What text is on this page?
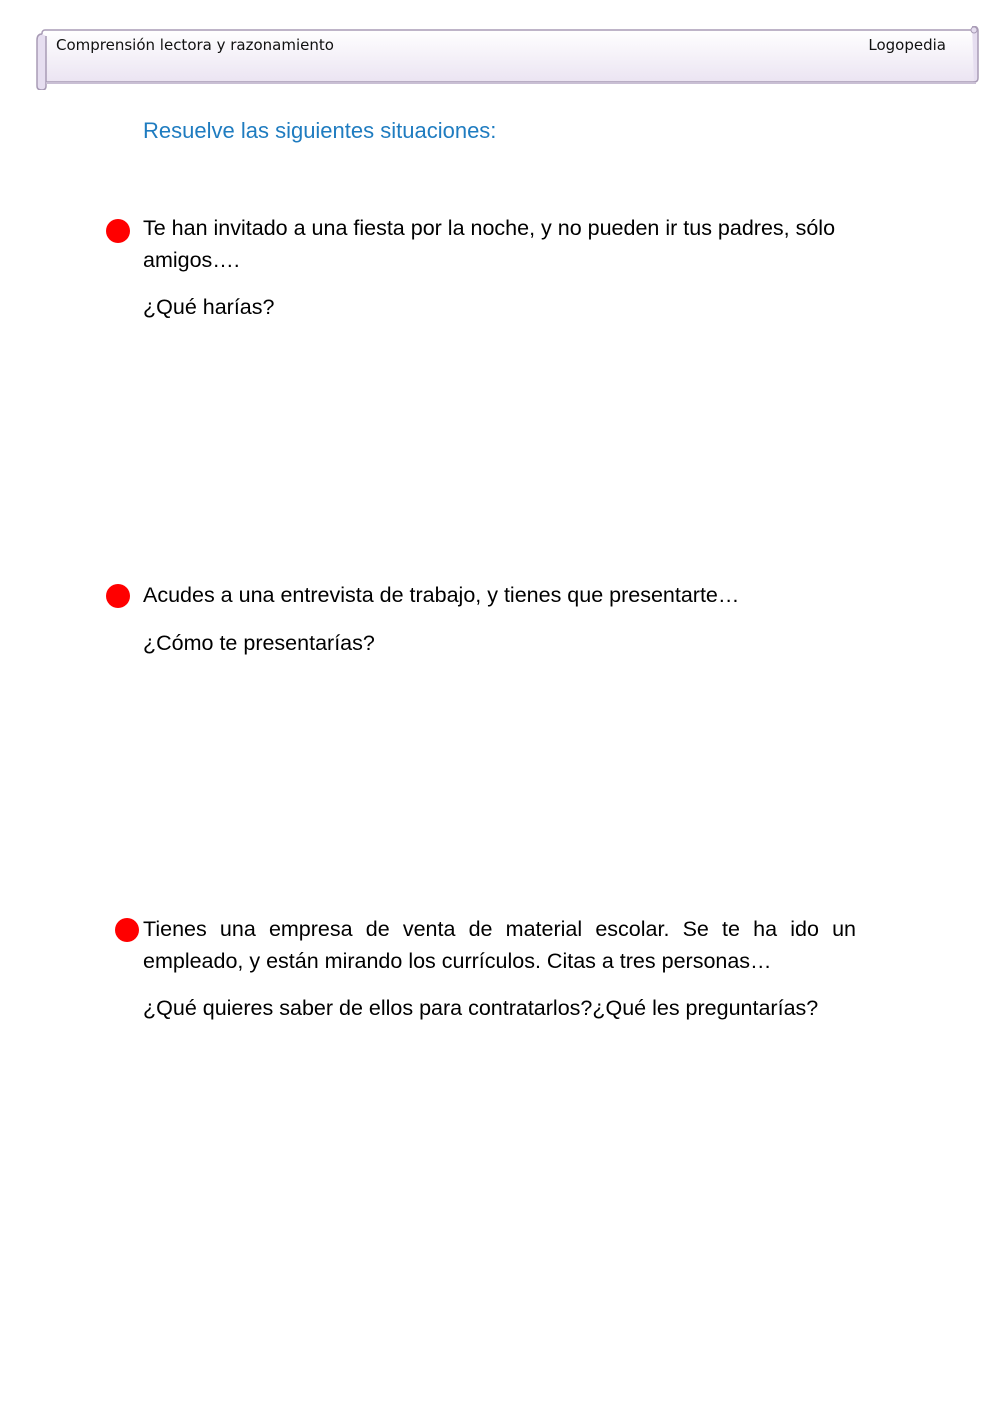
Comprensión lectora y razonamiento	Logopedia
Resuelve las siguientes situaciones:

Te han invitado a una fiesta por la noche, y no pueden ir tus padres, sólo amigos….

¿Qué harías?

Acudes a una entrevista de trabajo, y tienes que presentarte…

¿Cómo te presentarías?

Tienes una empresa de venta de material escolar. Se te ha ido un empleado, y están mirando los currículos. Citas a tres personas…

¿Qué quieres saber de ellos para contratarlos?¿Qué les preguntarías?
